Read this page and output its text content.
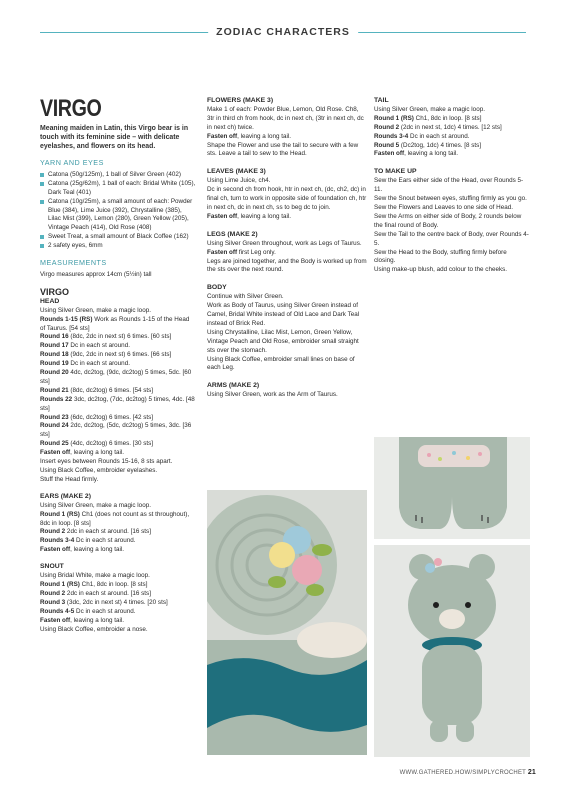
ZODIAC CHARACTERS
VIRGO
Meaning maiden in Latin, this Virgo bear is in touch with its feminine side – with delicate eyelashes, and flowers on its head.
YARN AND EYES
Catona (50g/125m), 1 ball of Silver Green (402)
Catona (25g/62m), 1 ball of each: Bridal White (105), Dark Teal (401)
Catona (10g/25m), a small amount of each: Powder Blue (384), Lime Juice (392), Chrystalline (385), Lilac Mist (399), Lemon (280), Green Yellow (205), Vintage Peach (414), Old Rose (408)
Sweet Treat, a small amount of Black Coffee (162)
2 safety eyes, 6mm
MEASUREMENTS

Virgo measures approx 14cm (5½in) tall

VIRGO
HEAD

Using Silver Green, make a magic loop.

Rounds 1-15 (RS) Work as Rounds 1-15 of the Head of Taurus. [54 sts]

Round 16 (8dc, 2dc in next st) 6 times. [60 sts]

Round 17 Dc in each st around.

Round 18 (9dc, 2dc in next st) 6 times. [66 sts]

Round 19 Dc in each st around.

Round 20 4dc, dc2tog, (9dc, dc2tog) 5 times, 5dc. [60 sts]

Round 21 (8dc, dc2tog) 6 times. [54 sts]

Rounds 22 3dc, dc2tog, (7dc, dc2tog) 5 times, 4dc. [48 sts]

Round 23 (6dc, dc2tog) 6 times. [42 sts]

Round 24 2dc, dc2tog, (5dc, dc2tog) 5 times, 3dc. [36 sts]

Round 25 (4dc, dc2tog) 6 times. [30 sts]

Fasten off, leaving a long tail.

Insert eyes between Rounds 15-16, 8 sts apart.

Using Black Coffee, embroider eyelashes.

Stuff the Head firmly.

EARS (MAKE 2)

Using Silver Green, make a magic loop.

Round 1 (RS) Ch1 (does not count as st throughout), 8dc in loop. [8 sts]

Round 2 2dc in each st around. [16 sts]

Rounds 3-4 Dc in each st around.

Fasten off, leaving a long tail.

SNOUT

Using Bridal White, make a magic loop.

Round 1 (RS) Ch1, 8dc in loop. [8 sts]

Round 2 2dc in each st around. [16 sts]

Round 3 (3dc, 2dc in next st) 4 times. [20 sts]

Rounds 4-5 Dc in each st around.

Fasten off, leaving a long tail.

Using Black Coffee, embroider a nose.

FLOWERS (MAKE 3)

Make 1 of each: Powder Blue, Lemon, Old Rose. Ch8, 3tr in third ch from hook, dc in next ch, (3tr in next ch, dc in next ch) twice.

Fasten off, leaving a long tail.

Shape the Flower and use the tail to secure with a few sts. Leave a tail to sew to the Head.

LEAVES (MAKE 3)

Using Lime Juice, ch4.

Dc in second ch from hook, htr in next ch, (dc, ch2, dc) in final ch, turn to work in opposite side of foundation ch, htr in next ch, dc in next ch, ss to beg dc to join.

Fasten off, leaving a long tail.

LEGS (MAKE 2)

Using Silver Green throughout, work as Legs of Taurus.

Fasten off first Leg only.

Legs are joined together, and the Body is worked up from the sts over the next round.

BODY

Continue with Silver Green.

Work as Body of Taurus, using Silver Green instead of Camel, Bridal White instead of Old Lace and Dark Teal instead of Brick Red.

Using Chrystalline, Lilac Mist, Lemon, Green Yellow, Vintage Peach and Old Rose, embroider small straight sts over the stomach.

Using Black Coffee, embroider small lines on base of each Leg.

ARMS (MAKE 2)

Using Silver Green, work as the Arm of Taurus.

TAIL

Using Silver Green, make a magic loop.

Round 1 (RS) Ch1, 8dc in loop. [8 sts]

Round 2 (2dc in next st, 1dc) 4 times. [12 sts]

Rounds 3-4 Dc in each st around.

Round 5 (Dc2tog, 1dc) 4 times. [8 sts]

Fasten off, leaving a long tail.

TO MAKE UP

Sew the Ears either side of the Head, over Rounds 5-11.

Sew the Snout between eyes, stuffing firmly as you go.

Sew the Flowers and Leaves to one side of Head.

Sew the Arms on either side of Body, 2 rounds below the final round of Body.

Sew the Tail to the centre back of Body, over Rounds 4-5.

Sew the Head to the Body, stuffing firmly before closing.

Using make-up blush, add colour to the cheeks.

WWW.GATHERED.HOW/SIMPLYCROCHET 21
